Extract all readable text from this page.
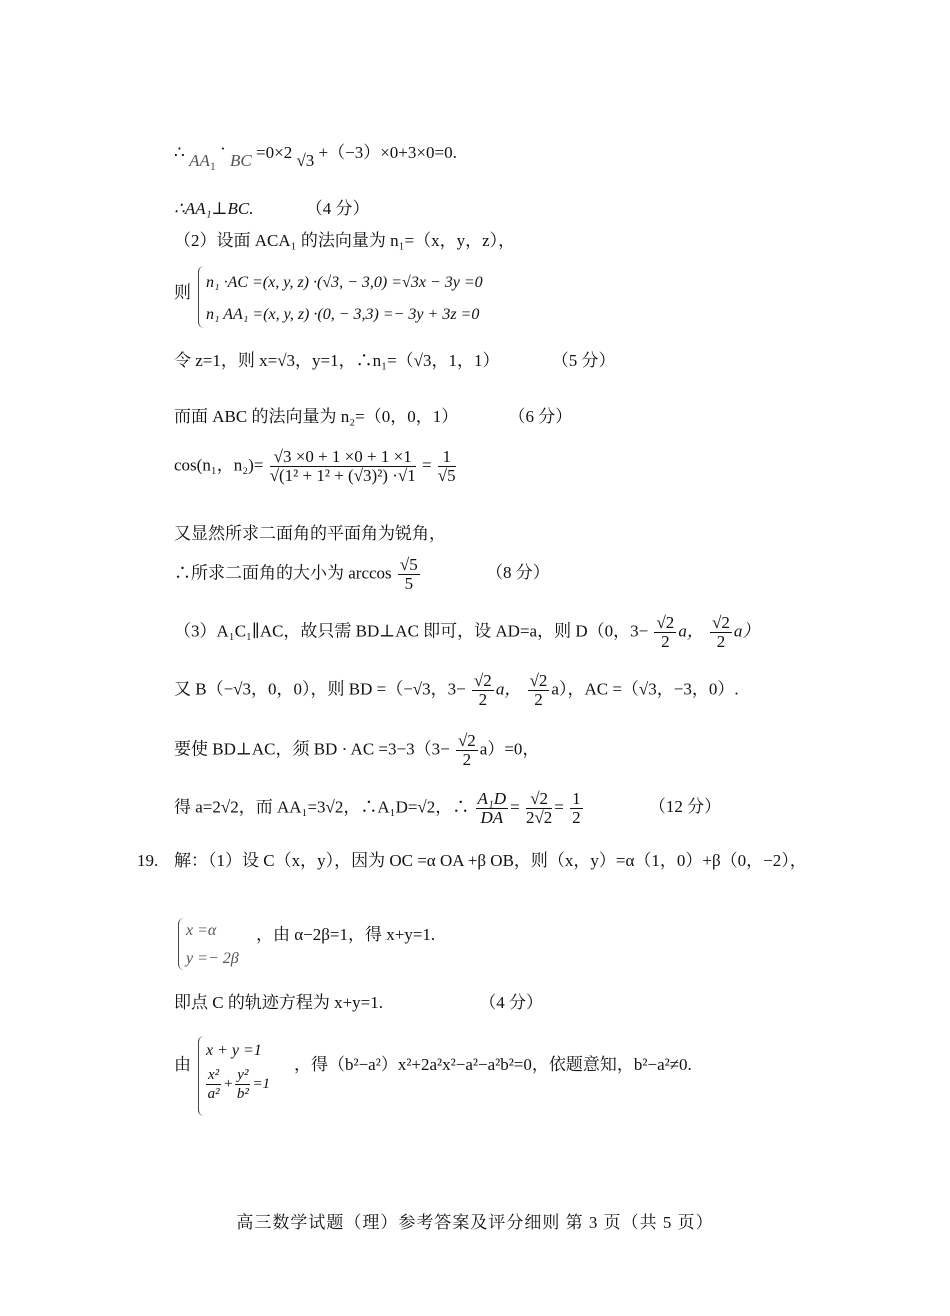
∴ $AA_1$ · BC =0×2 √3 +（−3）×0+3×0=0.
∴AA₁⊥BC.	（4 分）
（2）设面 ACA₁ 的法向量为 n₁=（x，y，z），
则
n₁ ·AC =(x, y, z) ·(√3, − 3,0) =√3x − 3y =0
n₁ AA₁ =(x, y, z) ·(0, − 3,3) =− 3y + 3z =0
令 z=1，则 x=√3，y=1，∴n₁=（√3，1，1）	（5 分）
而面 ABC 的法向量为 n₂=（0，0，1）	（6 分）
cos(n₁，$n_2)= \frac{√3 \times 0 + 1 \times 0 + 1 \times 1}{\text{√(1² + 1² + (√3)²) ·√1}} = \frac{1}{√5}$
又显然所求二面角的平面角为锐角，
∴所求二面角的大小为 $\arccos \frac{√5}{5}$	（8 分）
（3）A₁C₁∥AC，故只需 BD⊥AC 即可，设 AD=a，则 D（0，$3- \frac{√2}{2}$ a， $\frac{√2}{2} a$）
又 B（−√3，0，0），则 BD =（−√3，$3- \frac{√2}{2}$ a， $\frac{√2}{2} a$），AC =（√3，−3，0）.
要使 BD⊥AC，须 BD · AC $=3-3(3- \frac{√2}{2} a)=0$，
得 a=2√2，而 AA₁=3√2，∴A₁D=√2，∴ $\frac{\text{A₁D}}{DA} = \frac{√2}{2√2} = \frac{1}{2}$	（12 分）
19. 解：（1）设 C（x，y），因为 OC =α OA +β OB，则（x，y）=α（1，0）+β（0，−2），
x =α
y =− 2β
，由 α−2β=1，得 x+y=1.
即点 C 的轨迹方程为 x+y=1.	（4 分）
由
x + y =1
$\frac{\text{x²}}{\text{a²}} + \frac{\text{y²}}{\text{b²}} =1$
，得（b²−a²）x²+2a²x²−a²−a²b²=0，依题意知，b²−a²≠0.
高三数学试题（理）参考答案及评分细则 第 3 页（共 5 页）
